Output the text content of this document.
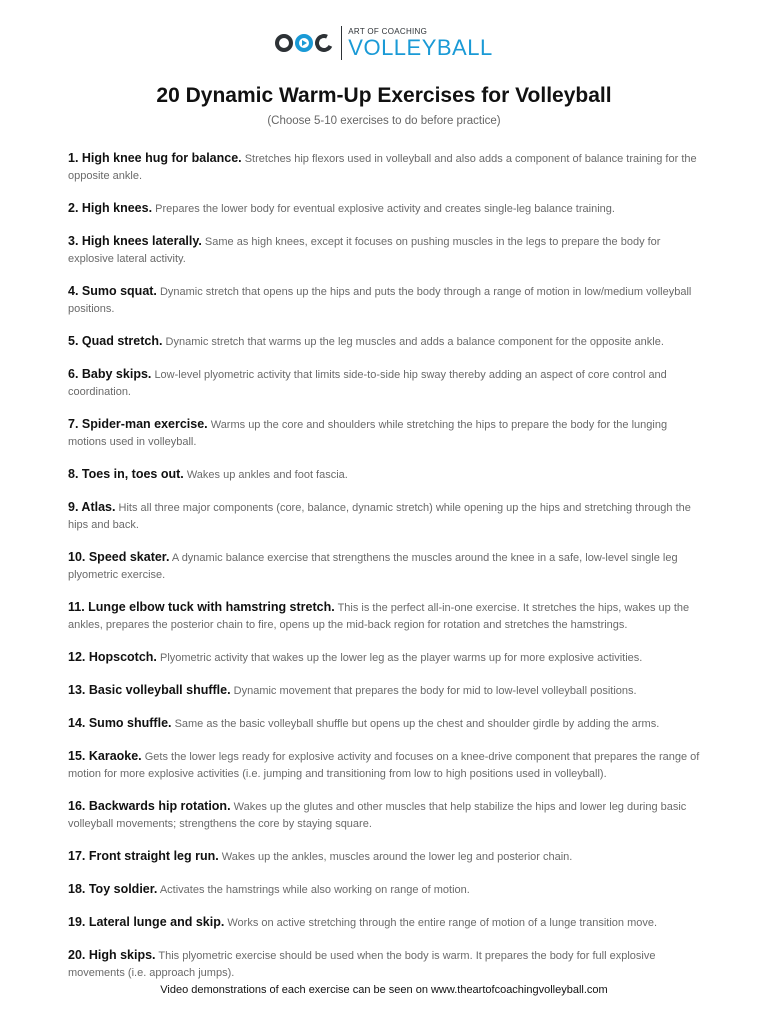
ART OF COACHING
VOLLEYBALL
20 Dynamic Warm-Up Exercises for Volleyball
(Choose 5-10 exercises to do before practice)
1. High knee hug for balance. Stretches hip flexors used in volleyball and also adds a component of balance training for the opposite ankle.
2. High knees. Prepares the lower body for eventual explosive activity and creates single-leg balance training.
3. High knees laterally. Same as high knees, except it focuses on pushing muscles in the legs to prepare the body for explosive lateral activity.
4. Sumo squat. Dynamic stretch that opens up the hips and puts the body through a range of motion in low/medium volleyball positions.
5. Quad stretch. Dynamic stretch that warms up the leg muscles and adds a balance component for the opposite ankle.
6. Baby skips. Low-level plyometric activity that limits side-to-side hip sway thereby adding an aspect of core control and coordination.
7. Spider-man exercise. Warms up the core and shoulders while stretching the hips to prepare the body for the lunging motions used in volleyball.
8. Toes in, toes out. Wakes up ankles and foot fascia.
9. Atlas. Hits all three major components (core, balance, dynamic stretch) while opening up the hips and stretching through the hips and back.
10. Speed skater. A dynamic balance exercise that strengthens the muscles around the knee in a safe, low-level single leg plyometric exercise.
11. Lunge elbow tuck with hamstring stretch. This is the perfect all-in-one exercise. It stretches the hips, wakes up the ankles, prepares the posterior chain to fire, opens up the mid-back region for rotation and stretches the hamstrings.
12. Hopscotch. Plyometric activity that wakes up the lower leg as the player warms up for more explosive activities.
13. Basic volleyball shuffle. Dynamic movement that prepares the body for mid to low-level volleyball positions.
14. Sumo shuffle. Same as the basic volleyball shuffle but opens up the chest and shoulder girdle by adding the arms.
15. Karaoke. Gets the lower legs ready for explosive activity and focuses on a knee-drive component that prepares the range of motion for more explosive activities (i.e. jumping and transitioning from low to high positions used in volleyball).
16. Backwards hip rotation. Wakes up the glutes and other muscles that help stabilize the hips and lower leg during basic volleyball movements; strengthens the core by staying square.
17. Front straight leg run. Wakes up the ankles, muscles around the lower leg and posterior chain.
18. Toy soldier. Activates the hamstrings while also working on range of motion.
19. Lateral lunge and skip. Works on active stretching through the entire range of motion of a lunge transition move.
20. High skips. This plyometric exercise should be used when the body is warm. It prepares the body for full explosive movements (i.e. approach jumps).
Video demonstrations of each exercise can be seen on www.theartofcoachingvolleyball.com
